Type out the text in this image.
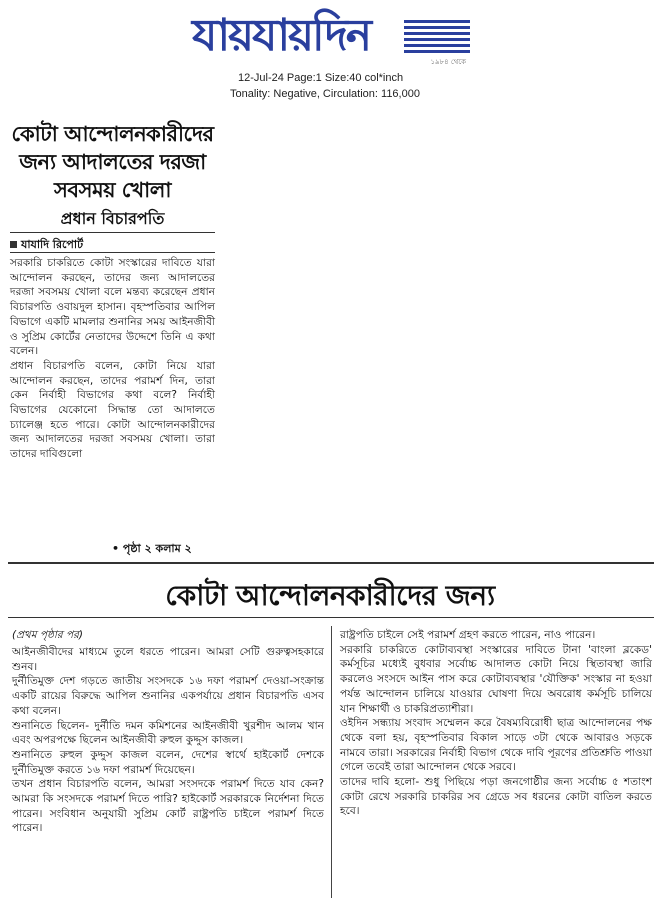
যায়যায়দিন
১৯৮৪ থেকে
12-Jul-24 Page:1 Size:40 col*inch
Tonality: Negative, Circulation: 116,000
কোটা আন্দোলনকারীদের
জন্য আদালতের দরজা
সবসময় খোলা
প্রধান বিচারপতি
যাযাদি রিপোর্ট

সরকারি চাকরিতে কোটা সংস্কারের দাবিতে যারা আন্দোলন করছেন, তাদের জন্য আদালতের দরজা সবসময় খোলা বলে মন্তব্য করেছেন প্রধান বিচারপতি ওবায়দুল হাসান। বৃহস্পতিবার আপিল বিভাগে একটি মামলার শুনানির সময় আইনজীবী ও সুপ্রিম কোর্টের নেতাদের উদ্দেশে তিনি এ কথা বলেন।

প্রধান বিচারপতি বলেন, কোটা নিয়ে যারা আন্দোলন করছেন, তাদের পরামর্শ দিন, তারা কেন নির্বাহী বিভাগের কথা বলে? নির্বাহী বিভাগের যেকোনো সিদ্ধান্ত তো আদালতে চ্যালেঞ্জ হতে পারে। কোটা আন্দোলনকারীদের জন্য আদালতের দরজা সবসময় খোলা। তারা তাদের দাবিগুলো

• পৃষ্ঠা ২ কলাম ২
কোটা আন্দোলনকারীদের জন্য
(প্রথম পৃষ্ঠার পর)

আইনজীবীদের মাধ্যমে তুলে ধরতে পারেন। আমরা সেটি গুরুত্বসহকারে শুনব।

দুর্নীতিমুক্ত দেশ গড়তে জাতীয় সংসদকে ১৬ দফা পরামর্শ দেওয়া-সংক্রান্ত একটি রায়ের বিরুদ্ধে আপিল শুনানির একপর্যায়ে প্রধান বিচারপতি এসব কথা বলেন।

শুনানিতে ছিলেন- দুর্নীতি দমন কমিশনের আইনজীবী খুরশীদ আলম খান এবং অপরপক্ষে ছিলেন আইনজীবী রুহুল কুদ্দুস কাজল।

শুনানিতে রুহুল কুদ্দুস কাজল বলেন, দেশের স্বার্থে হাইকোর্ট দেশকে দুর্নীতিমুক্ত করতে ১৬ দফা পরামর্শ দিয়েছেন।

তখন প্রধান বিচারপতি বলেন, আমরা সংসদকে পরামর্শ দিতে যাব কেন? আমরা কি সংসদকে পরামর্শ দিতে পারি? হাইকোর্ট সরকারকে নির্দেশনা দিতে পারেন। সংবিধান অনুযায়ী সুপ্রিম কোর্ট রাষ্ট্রপতি চাইলে পরামর্শ দিতে পারেন।

রাষ্ট্রপতি চাইলে সেই পরামর্শ গ্রহণ করতে পারেন, নাও পারেন।

সরকারি চাকরিতে কোটাব্যবস্থা সংস্কারের দাবিতে টানা 'বাংলা ব্লকেড' কর্মসূচির মধ্যেই বুধবার সর্বোচ্চ আদালত কোটা নিয়ে স্থিতাবস্থা জারি করলেও সংসদে আইন পাস করে কোটাব্যবস্থার 'যৌক্তিক' সংস্কার না হওয়া পর্যন্ত আন্দোলন চালিয়ে যাওয়ার ঘোষণা দিয়ে অবরোধ কর্মসূচি চালিয়ে যান শিক্ষার্থী ও চাকরিপ্রত্যাশীরা।

ওইদিন সন্ধ্যায় সংবাদ সম্মেলন করে বৈষম্যবিরোধী ছাত্র আন্দোলনের পক্ষ থেকে বলা হয়, বৃহস্পতিবার বিকাল সাড়ে ৩টা থেকে আবারও সড়কে নামবে তারা। সরকারের নির্বাহী বিভাগ থেকে দাবি পূরণের প্রতিশ্রুতি পাওয়া গেলে তবেই তারা আন্দোলন থেকে সরবে।

তাদের দাবি হলো- শুধু পিছিয়ে পড়া জনগোষ্ঠীর জন্য সর্বোচ্চ ৫ শতাংশ কোটা রেখে সরকারি চাকরির সব গ্রেডে সব ধরনের কোটা বাতিল করতে হবে।
